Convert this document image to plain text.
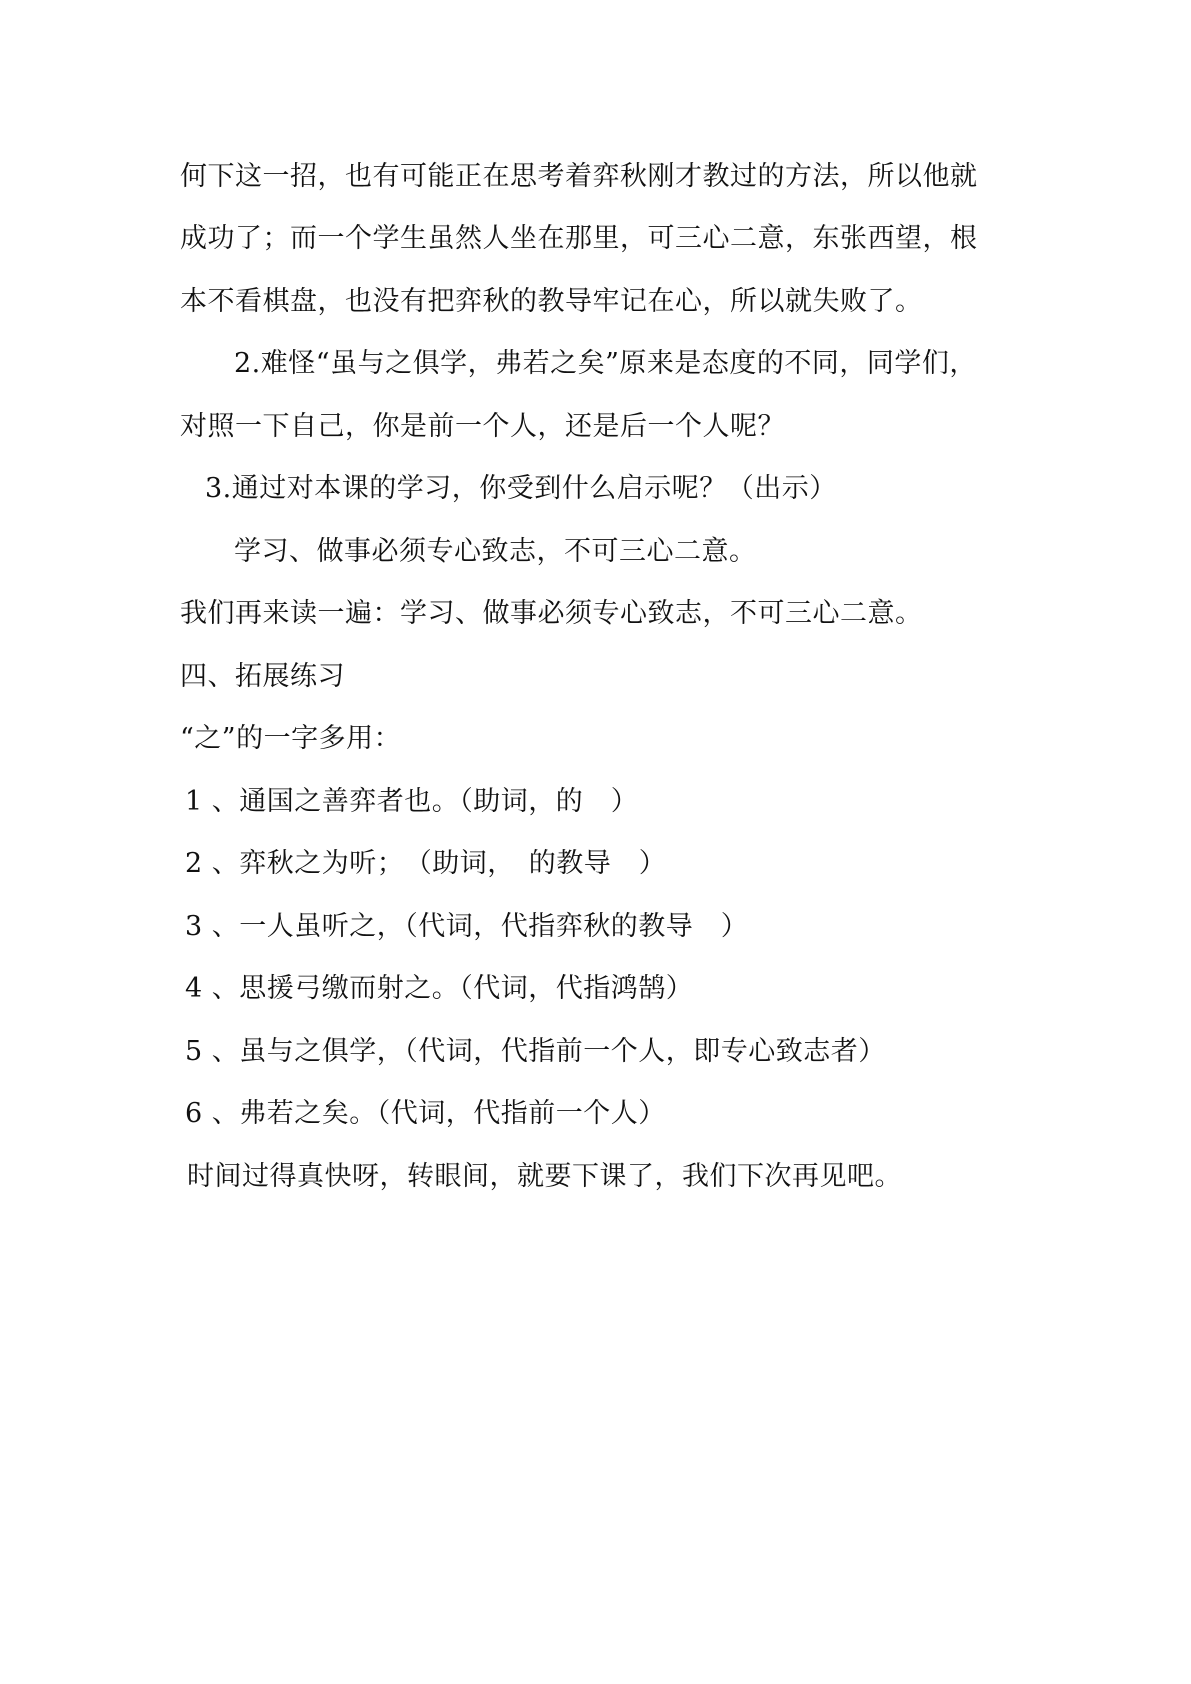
何下这一招，也有可能正在思考着弈秋刚才教过的方法，所以他就
成功了；而一个学生虽然人坐在那里，可三心二意，东张西望，根
本不看棋盘，也没有把弈秋的教导牢记在心，所以就失败了。
2.难怪“虽与之俱学，弗若之矣”原来是态度的不同，同学们，
对照一下自己，你是前一个人，还是后一个人呢？
3.通过对本课的学习，你受到什么启示呢？（出示）
学习、做事必须专心致志，不可三心二意。
我们再来读一遍：学习、做事必须专心致志，不可三心二意。
四、拓展练习
“之”的一字多用：
1 、通国之善弈者也。（助词，的　）
2 、弈秋之为听；　（助词，　的教导　）
3 、一人虽听之，（代词，代指弈秋的教导　）
4 、思援弓缴而射之。（代词，代指鸿鹄）
5 、虽与之俱学，（代词，代指前一个人，即专心致志者）
6 、弗若之矣。（代词，代指前一个人）
时间过得真快呀，转眼间，就要下课了，我们下次再见吧。
